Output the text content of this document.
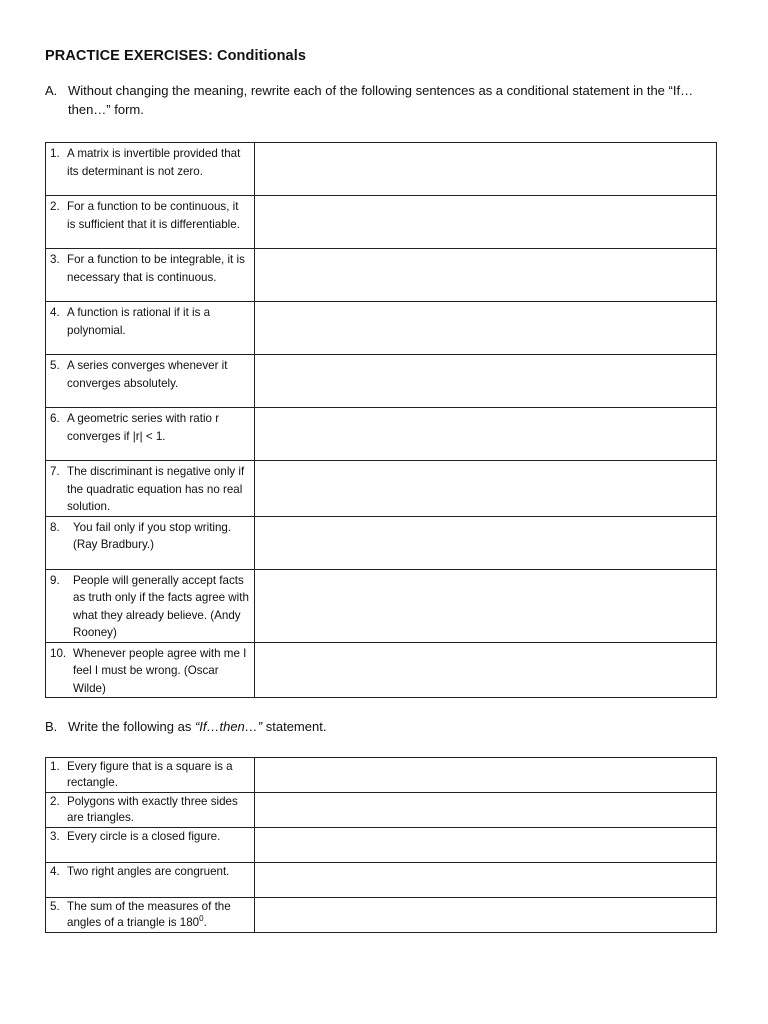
PRACTICE EXERCISES: Conditionals
A. Without changing the meaning, rewrite each of the following sentences as a conditional statement in the “If…then…” form.
1. A matrix is invertible provided that its determinant is not zero.	

2. For a function to be continuous, it is sufficient that it is differentiable.	

3. For a function to be integrable, it is necessary that is continuous.	

4. A function is rational if it is a polynomial.	

5. A series converges whenever it converges absolutely.	

6. A geometric series with ratio r converges if |r| < 1.	

7. The discriminant is negative only if the quadratic equation has no real solution.	

8. You fail only if you stop writing. (Ray Bradbury.)	

9. People will generally accept facts as truth only if the facts agree with what they already believe. (Andy Rooney)	

10. Whenever people agree with me I feel I must be wrong. (Oscar Wilde)	

B. Write the following as “If…then…” statement.
1. Every figure that is a square is a rectangle.	

2. Polygons with exactly three sides are triangles.	

3. Every circle is a closed figure.	

4. Two right angles are congruent.	

5. The sum of the measures of the angles of a triangle is $180^0$.	
